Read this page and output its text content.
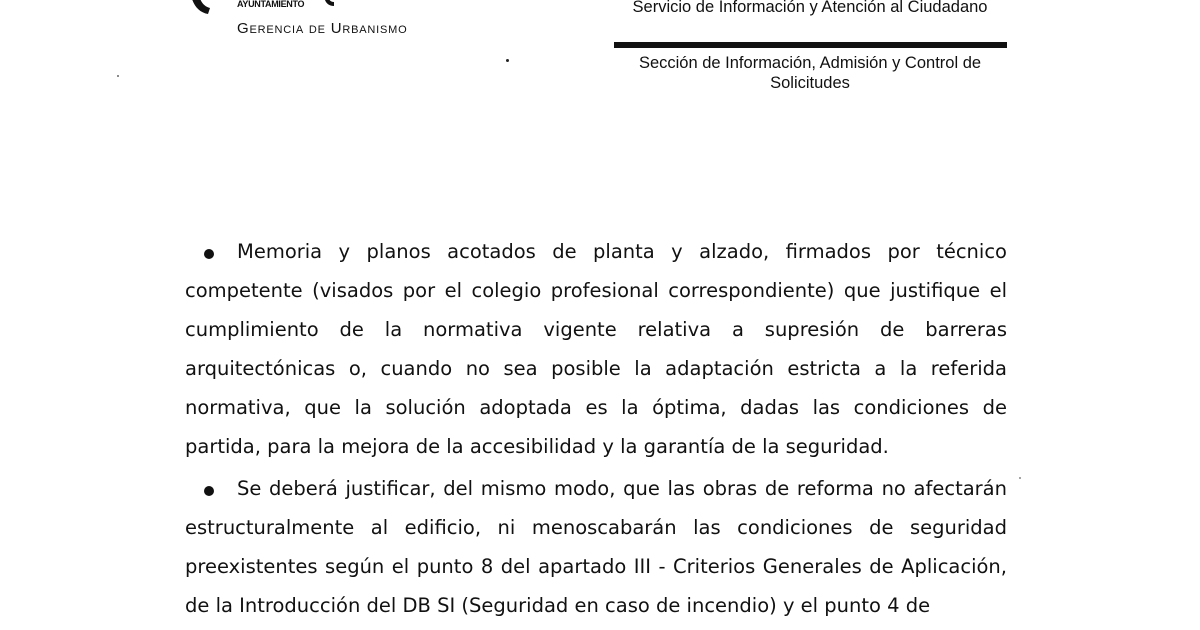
AYUNTAMIENTO
Gerencia de Urbanismo
Servicio de Información y Atención al Ciudadano
Sección de Información, Admisión y Control de Solicitudes

Memoria y planos acotados de planta y alzado, firmados por técnico competente (visados por el colegio profesional correspondiente) que justifique el cumplimiento de la normativa vigente relativa a supresión de barreras arquitectónicas o, cuando no sea posible la adaptación estricta a la referida normativa, que la solución adoptada es la óptima, dadas las condiciones de partida, para la mejora de la accesibilidad y la garantía de la seguridad.

Se deberá justificar, del mismo modo, que las obras de reforma no afectarán estructuralmente al edificio, ni menoscabarán las condiciones de seguridad preexistentes según el punto 8 del apartado III - Criterios Generales de Aplicación, de la Introducción del DB SI (Seguridad en caso de incendio) y el punto 4 de
